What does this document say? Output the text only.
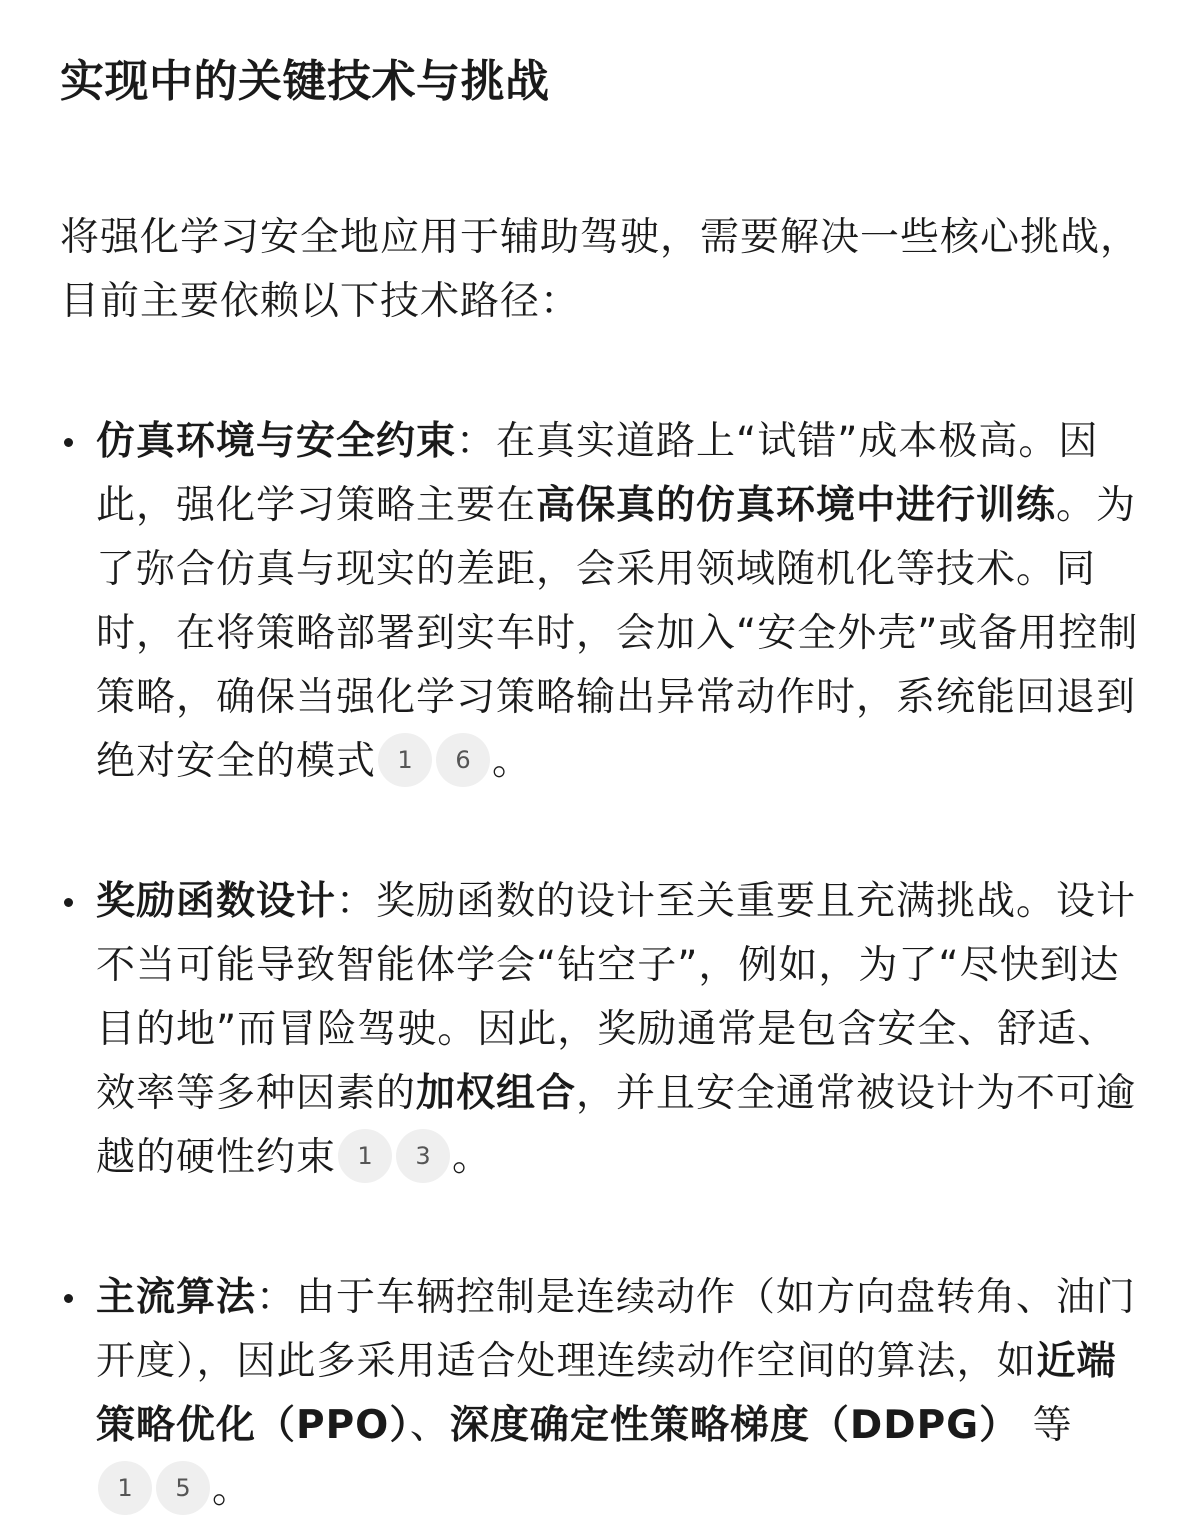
实现中的关键技术与挑战

将强化学习安全地应用于辅助驾驶，需要解决一些核心挑战，目前主要依赖以下技术路径：

仿真环境与安全约束：在真实道路上“试错”成本极高。因此，强化学习策略主要在高保真的仿真环境中进行训练。为了弥合仿真与现实的差距，会采用领域随机化等技术。同时，在将策略部署到实车时，会加入“安全外壳”或备用控制策略，确保当强化学习策略输出异常动作时，系统能回退到绝对安全的模式 1 6 。
奖励函数设计：奖励函数的设计至关重要且充满挑战。设计不当可能导致智能体学会“钻空子”，例如，为了“尽快到达目的地”而冒险驾驶。因此，奖励通常是包含安全、舒适、效率等多种因素的加权组合，并且安全通常被设计为不可逾越的硬性约束 1 3 。
主流算法：由于车辆控制是连续动作（如方向盘转角、油门开度），因此多采用适合处理连续动作空间的算法，如近端策略优化（PPO）、深度确定性策略梯度（DDPG） 等1 5 。
